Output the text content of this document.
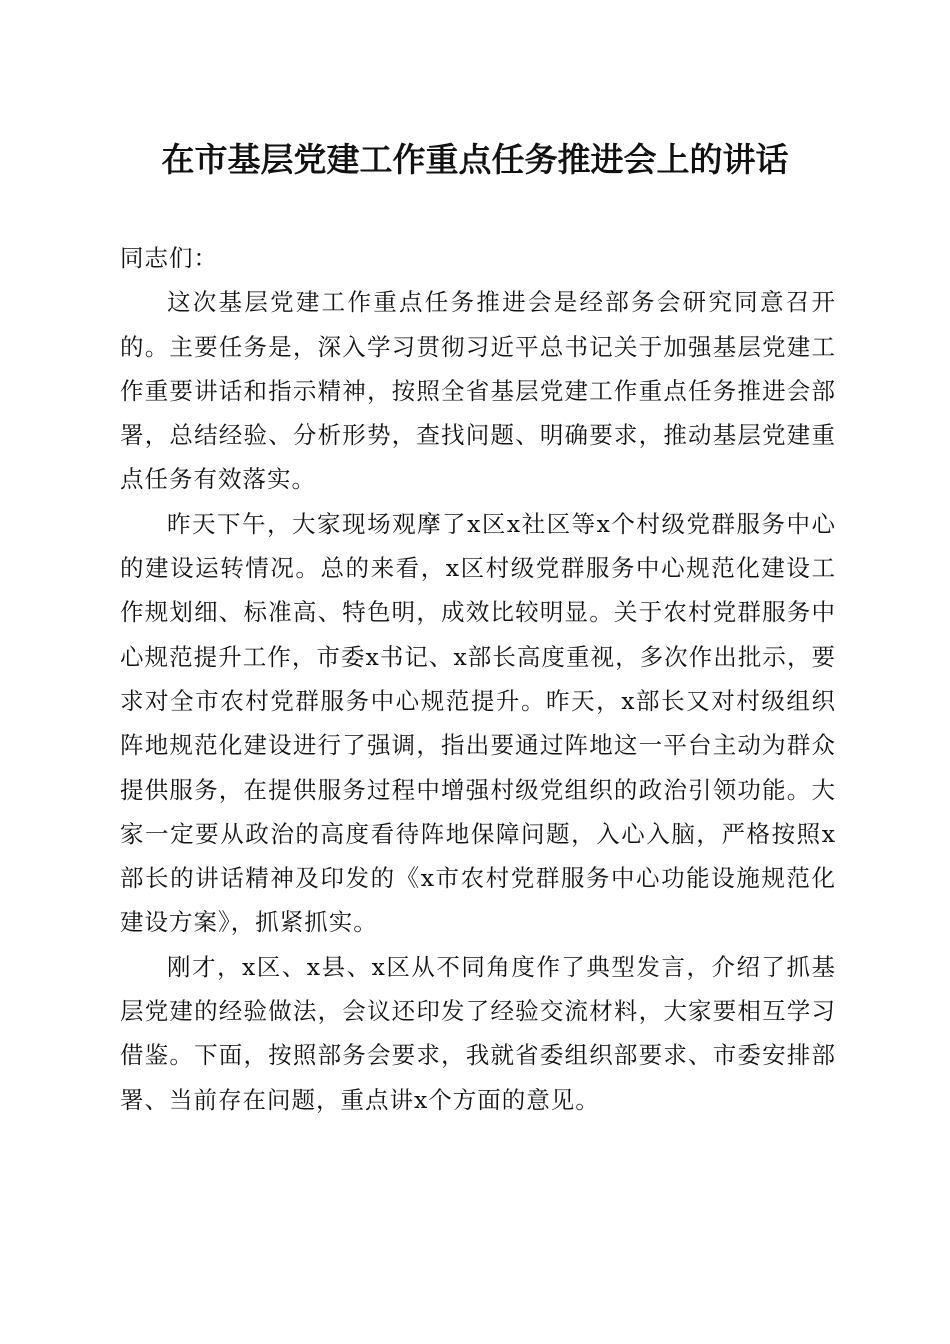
在市基层党建工作重点任务推进会上的讲话

同志们：

这次基层党建工作重点任务推进会是经部务会研究同意召开的。主要任务是，深入学习贯彻习近平总书记关于加强基层党建工作重要讲话和指示精神，按照全省基层党建工作重点任务推进会部署，总结经验、分析形势，查找问题、明确要求，推动基层党建重点任务有效落实。

昨天下午，大家现场观摩了x区x社区等x个村级党群服务中心的建设运转情况。总的来看，x区村级党群服务中心规范化建设工作规划细、标准高、特色明，成效比较明显。关于农村党群服务中心规范提升工作，市委x书记、x部长高度重视，多次作出批示，要求对全市农村党群服务中心规范提升。昨天，x部长又对村级组织阵地规范化建设进行了强调，指出要通过阵地这一平台主动为群众提供服务，在提供服务过程中增强村级党组织的政治引领功能。大家一定要从政治的高度看待阵地保障问题，入心入脑，严格按照x部长的讲话精神及印发的《x市农村党群服务中心功能设施规范化建设方案》，抓紧抓实。

刚才，x区、x县、x区从不同角度作了典型发言，介绍了抓基层党建的经验做法，会议还印发了经验交流材料，大家要相互学习借鉴。下面，按照部务会要求，我就省委组织部要求、市委安排部署、当前存在问题，重点讲x个方面的意见。
